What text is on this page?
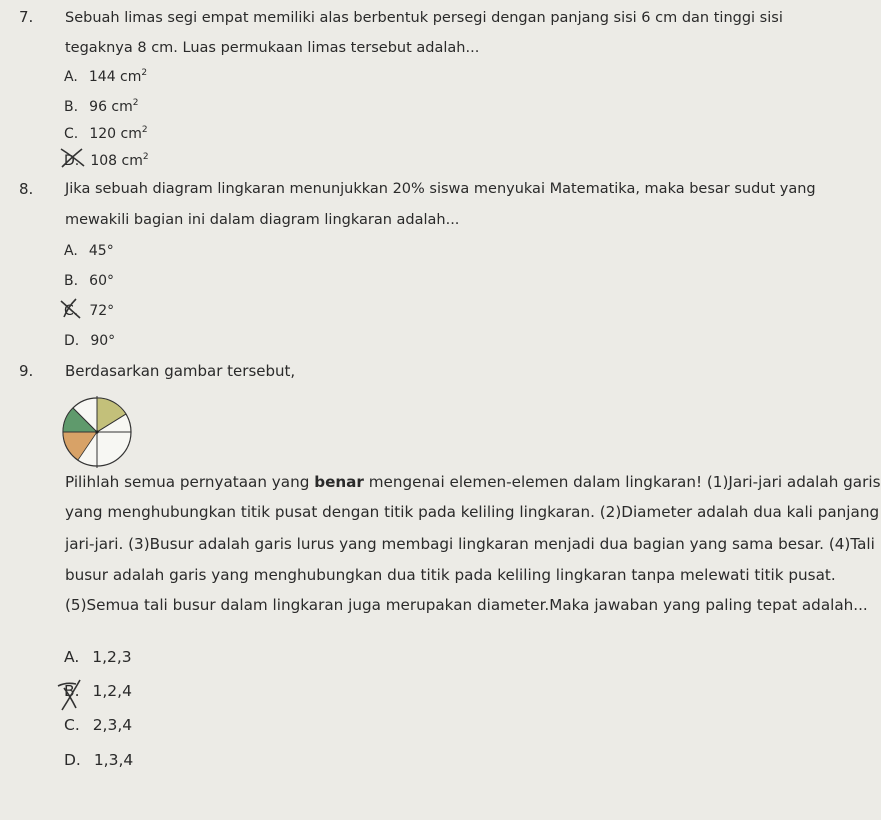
7. Sebuah limas segi empat memiliki alas berbentuk persegi dengan panjang sisi 6 cm dan tinggi sisi
tegaknya 8 cm. Luas permukaan limas tersebut adalah...
A. 144 $cm^2$
B. 96 $cm^2$
C. 120 $cm^2$
D. 108 $cm^2$
8. Jika sebuah diagram lingkaran menunjukkan 20% siswa menyukai Matematika, maka besar sudut yang
mewakili bagian ini dalam diagram lingkaran adalah...
A. 45°
B. 60°
C. 72°
D. 90°
9. Berdasarkan gambar tersebut,
Pilihlah semua pernyataan yang benar mengenai elemen-elemen dalam lingkaran! (1)Jari-jari adalah garis
yang menghubungkan titik pusat dengan titik pada keliling lingkaran. (2)Diameter adalah dua kali panjang
jari-jari. (3)Busur adalah garis lurus yang membagi lingkaran menjadi dua bagian yang sama besar. (4)Tali
busur adalah garis yang menghubungkan dua titik pada keliling lingkaran tanpa melewati titik pusat.
(5)Semua tali busur dalam lingkaran juga merupakan diameter.Maka jawaban yang paling tepat adalah...
A. 1,2,3
B. 1,2,4
C. 2,3,4
D. 1,3,4
